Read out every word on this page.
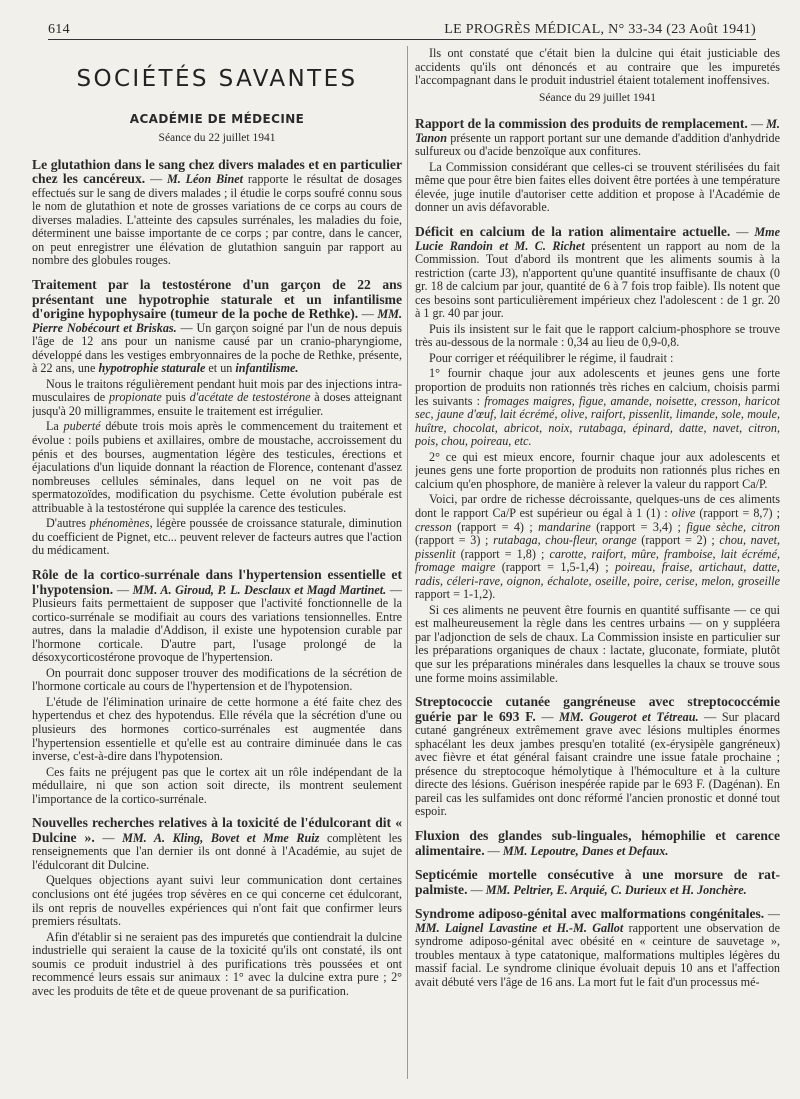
614	LE PROGRÈS MÉDICAL, N° 33-34 (23 Août 1941)
SOCIÉTÉS SAVANTES
ACADÉMIE DE MÉDECINE
Séance du 22 juillet 1941

Le glutathion dans le sang chez divers malades et en particulier chez les cancéreux. — M. Léon Binet rapporte le résultat de dosages effectués sur le sang de divers malades ; il étudie le corps soufré connu sous le nom de glutathion et note de grosses variations de ce corps au cours de diverses maladies. L'atteinte des capsules surrénales, les maladies du foie, déterminent une baisse importante de ce corps ; par contre, dans le cancer, on peut enregistrer une élévation de glutathion sanguin par rapport au nombre des globules rouges.

Traitement par la testostérone d'un garçon de 22 ans présentant une hypotrophie staturale et un infantilisme d'origine hypophysaire (tumeur de la poche de Rethke). — MM. Pierre Nobécourt et Briskas. — Un garçon soigné par l'un de nous depuis l'âge de 12 ans pour un nanisme causé par un cranio-pharyngiome, développé dans les vestiges embryonnaires de la poche de Rethke, présente, à 22 ans, une hypotrophie staturale et un infantilisme.

Nous le traitons régulièrement pendant huit mois par des injections intra-musculaires de propionate puis d'acétate de testostérone à doses atteignant jusqu'à 20 milligrammes, ensuite le traitement est irrégulier.

La puberté débute trois mois après le commencement du traitement et évolue : poils pubiens et axillaires, ombre de moustache, accroissement du pénis et des bourses, augmentation légère des testicules, érections et éjaculations d'un liquide donnant la réaction de Florence, contenant d'assez nombreuses cellules séminales, dans lequel on ne voit pas de spermatozoïdes, modification du psychisme. Cette évolution pubérale est attribuable à la testostérone qui supplée la carence des testicules.

D'autres phénomènes, légère poussée de croissance staturale, diminution du coefficient de Pignet, etc... peuvent relever de facteurs autres que l'action du médicament.

Rôle de la cortico-surrénale dans l'hypertension essentielle et l'hypotension. — MM. A. Giroud, P. L. Desclaux et Magd Martinet. — Plusieurs faits permettaient de supposer que l'activité fonctionnelle de la cortico-surrénale se modifiait au cours des variations tensionnelles. Entre autres, dans la maladie d'Addison, il existe une hypotension curable par l'hormone corticale. D'autre part, l'usage prolongé de la désoxycorticostérone provoque de l'hypertension.

On pourrait donc supposer trouver des modifications de la sécrétion de l'hormone corticale au cours de l'hypertension et de l'hypotension.

L'étude de l'élimination urinaire de cette hormone a été faite chez des hypertendus et chez des hypotendus. Elle révéla que la sécrétion d'une ou plusieurs des hormones cortico-surrénales est augmentée dans l'hypertension essentielle et qu'elle est au contraire diminuée dans le cas inverse, c'est-à-dire dans l'hypotension.

Ces faits ne préjugent pas que le cortex ait un rôle indépendant de la médullaire, ni que son action soit directe, ils montrent seulement l'importance de la cortico-surrénale.

Nouvelles recherches relatives à la toxicité de l'édulcorant dit « Dulcine ». — MM. A. Kling, Bovet et Mme Ruiz complètent les renseignements que l'an dernier ils ont donné à l'Académie, au sujet de l'édulcorant dit Dulcine.

Quelques objections ayant suivi leur communication dont certaines conclusions ont été jugées trop sévères en ce qui concerne cet édulcorant, ils ont repris de nouvelles expériences qui n'ont fait que confirmer leurs premiers résultats.

Afin d'établir si ne seraient pas des impuretés que contiendrait la dulcine industrielle qui seraient la cause de la toxicité qu'ils ont constaté, ils ont soumis ce produit industriel à des purifications très poussées et ont recommencé leurs essais sur animaux : 1° avec la dulcine extra pure ; 2° avec les produits de tête et de queue provenant de sa purification.

Ils ont constaté que c'était bien la dulcine qui était justiciable des accidents qu'ils ont dénoncés et au contraire que les impuretés l'accompagnant dans le produit industriel étaient totalement inoffensives.

Séance du 29 juillet 1941

Rapport de la commission des produits de remplacement. — M. Tanon présente un rapport portant sur une demande d'addition d'anhydride sulfureux ou d'acide benzoïque aux confitures.

La Commission considérant que celles-ci se trouvent stérilisées du fait même que pour être bien faites elles doivent être portées à une température élevée, juge inutile d'autoriser cette addition et propose à l'Académie de donner un avis défavorable.

Déficit en calcium de la ration alimentaire actuelle. — Mme Lucie Randoin et M. C. Richet présentent un rapport au nom de la Commission. Tout d'abord ils montrent que les aliments soumis à la restriction (carte J3), n'apportent qu'une quantité insuffisante de chaux (0 gr. 18 de calcium par jour, quantité de 6 à 7 fois trop faible). Ils notent que ces besoins sont particulièrement impérieux chez l'adolescent : de 1 gr. 20 à 1 gr. 40 par jour.

Puis ils insistent sur le fait que le rapport calcium-phosphore se trouve très au-dessous de la normale : 0,34 au lieu de 0,9-0,8.

Pour corriger et rééquilibrer le régime, il faudrait :

1° fournir chaque jour aux adolescents et jeunes gens une forte proportion de produits non rationnés très riches en calcium, choisis parmi les suivants : fromages maigres, figue, amande, noisette, cresson, haricot sec, jaune d'œuf, lait écrémé, olive, raifort, pissenlit, limande, sole, moule, huître, chocolat, abricot, noix, rutabaga, épinard, datte, navet, citron, pois, chou, poireau, etc.

2° ce qui est mieux encore, fournir chaque jour aux adolescents et jeunes gens une forte proportion de produits non rationnés plus riches en calcium qu'en phosphore, de manière à relever la valeur du rapport Ca/P.

Voici, par ordre de richesse décroissante, quelques-uns de ces aliments dont le rapport Ca/P est supérieur ou égal à 1 (1) : olive (rapport = 8,7) ; cresson (rapport = 4) ; mandarine (rapport = 3,4) ; figue sèche, citron (rapport = 3) ; rutabaga, chou-fleur, orange (rapport = 2) ; chou, navet, pissenlit (rapport = 1,8) ; carotte, raifort, mûre, framboise, lait écrémé, fromage maigre (rapport = 1,5-1,4) ; poireau, fraise, artichaut, datte, radis, céleri-rave, oignon, échalote, oseille, poire, cerise, melon, groseille rapport = 1-1,2).

Si ces aliments ne peuvent être fournis en quantité suffisante — ce qui est malheureusement la règle dans les centres urbains — on y suppléera par l'adjonction de sels de chaux. La Commission insiste en particulier sur les préparations organiques de chaux : lactate, gluconate, formiate, plutôt que sur les préparations minérales dans lesquelles la chaux se trouve sous une forme moins assimilable.

Streptococcie cutanée gangréneuse avec streptococcémie guérie par le 693 F. — MM. Gougerot et Tétreau. — Sur placard cutané gangréneux extrêmement grave avec lésions multiples énormes sphacélant les deux jambes presqu'en totalité (ex-érysipèle gangréneux) avec fièvre et état général faisant craindre une issue fatale prochaine ; présence du streptocoque hémolytique à l'hémoculture et à la culture directe des lésions. Guérison inespérée rapide par le 693 F. (Dagénan). En pareil cas les sulfamides ont donc réformé l'ancien pronostic et donné tout espoir.

Fluxion des glandes sub-linguales, hémophilie et carence alimentaire. — MM. Lepoutre, Danes et Defaux.

Septicémie mortelle consécutive à une morsure de rat-palmiste. — MM. Peltrier, E. Arquié, C. Durieux et H. Jonchère.

Syndrome adiposo-génital avec malformations congénitales. — MM. Laignel Lavastine et H.-M. Gallot rapportent une observation de syndrome adiposo-génital avec obésité en « ceinture de sauvetage », troubles mentaux à type catatonique, malformations multiples légères du massif facial. Le syndrome clinique évoluait depuis 10 ans et l'affection avait débuté vers l'âge de 16 ans. La mort fut le fait d'un processus mé-
